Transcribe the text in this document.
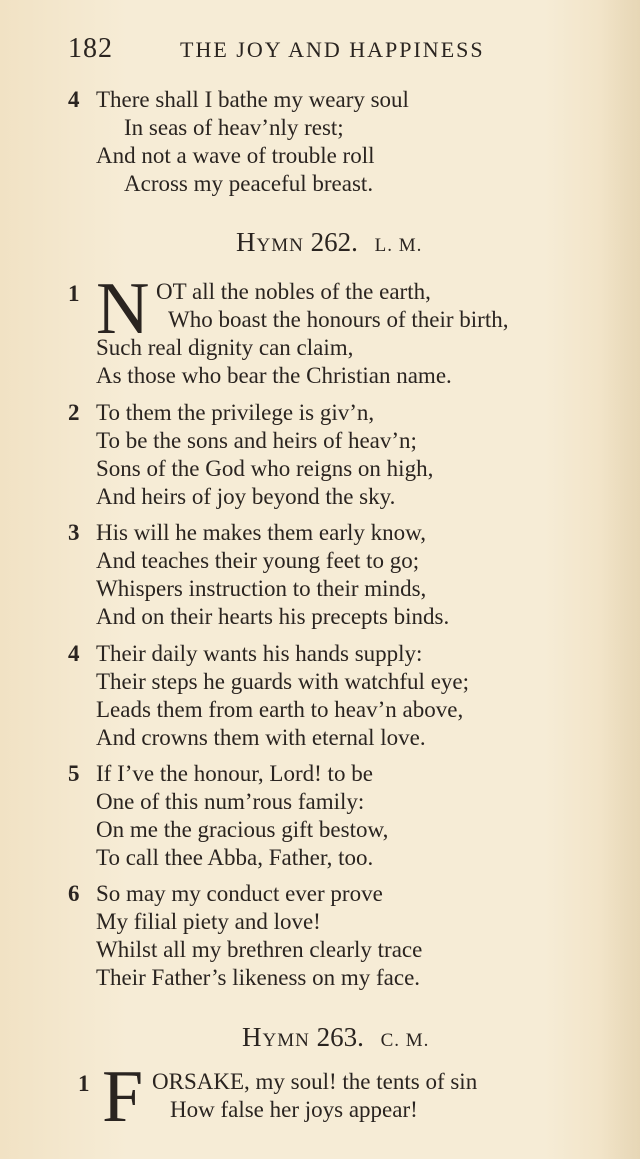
182	THE JOY AND HAPPINESS
4 There shall I bathe my weary soul
In seas of heav’nly rest;
And not a wave of trouble roll
Across my peaceful breast.
Hymn 262. L. M.
1 N OT all the nobles of the earth,
Who boast the honours of their birth,
Such real dignity can claim,
As those who bear the Christian name.
2 To them the privilege is giv’n,
To be the sons and heirs of heav’n;
Sons of the God who reigns on high,
And heirs of joy beyond the sky.
3 His will he makes them early know,
And teaches their young feet to go;
Whispers instruction to their minds,
And on their hearts his precepts binds.
4 Their daily wants his hands supply:
Their steps he guards with watchful eye;
Leads them from earth to heav’n above,
And crowns them with eternal love.
5 If I’ve the honour, Lord! to be
One of this num’rous family:
On me the gracious gift bestow,
To call thee Abba, Father, too.
6 So may my conduct ever prove
My filial piety and love!
Whilst all my brethren clearly trace
Their Father’s likeness on my face.
Hymn 263. C. M.
1 F ORSAKE, my soul! the tents of sin
How false her joys appear!
